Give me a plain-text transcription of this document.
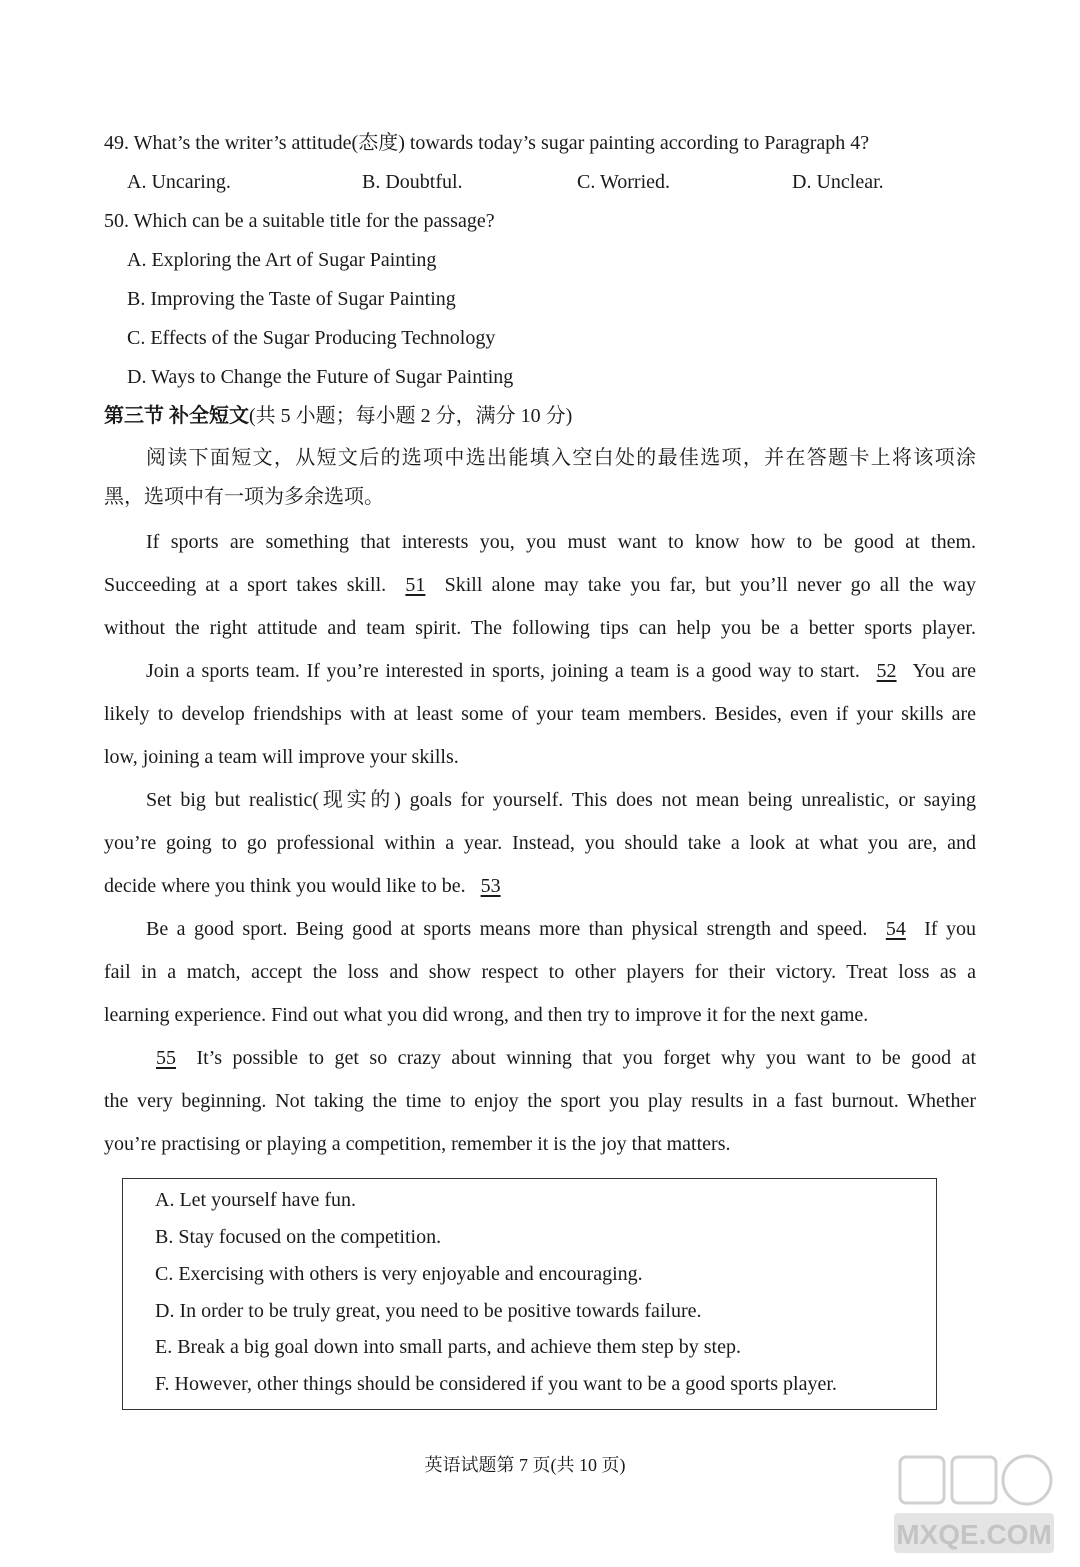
49. What’s the writer’s attitude(态度) towards today’s sugar painting according to Paragraph 4?
A. Uncaring.	B. Doubtful.	C. Worried.	D. Unclear.
50. Which can be a suitable title for the passage?
A. Exploring the Art of Sugar Painting
B. Improving the Taste of Sugar Painting
C. Effects of the Sugar Producing Technology
D. Ways to Change the Future of Sugar Painting
第三节 补全短文(共 5 小题；每小题 2 分，满分 10 分)
阅读下面短文，从短文后的选项中选出能填入空白处的最佳选项，并在答题卡上将该项涂
黑，选项中有一项为多余选项。
If sports are something that interests you, you must want to know how to be good at them.
Succeeding at a sport takes skill. 51 Skill alone may take you far, but you’ll never go all the way
without the right attitude and team spirit. The following tips can help you be a better sports player.
Join a sports team. If you’re interested in sports, joining a team is a good way to start. 52 You are
likely to develop friendships with at least some of your team members. Besides, even if your skills are
low, joining a team will improve your skills.
Set big but realistic(现实的) goals for yourself. This does not mean being unrealistic, or saying
you’re going to go professional within a year. Instead, you should take a look at what you are, and
decide where you think you would like to be. 53
Be a good sport. Being good at sports means more than physical strength and speed. 54 If you
fail in a match, accept the loss and show respect to other players for their victory. Treat loss as a
learning experience. Find out what you did wrong, and then try to improve it for the next game.
55 It’s possible to get so crazy about winning that you forget why you want to be good at
the very beginning. Not taking the time to enjoy the sport you play results in a fast burnout. Whether
you’re practising or playing a competition, remember it is the joy that matters.
A. Let yourself have fun.
B. Stay focused on the competition.
C. Exercising with others is very enjoyable and encouraging.
D. In order to be truly great, you need to be positive towards failure.
E. Break a big goal down into small parts, and achieve them step by step.
F. However, other things should be considered if you want to be a good sports player.
英语试题第 7 页(共 10 页)
MXQE.COM
